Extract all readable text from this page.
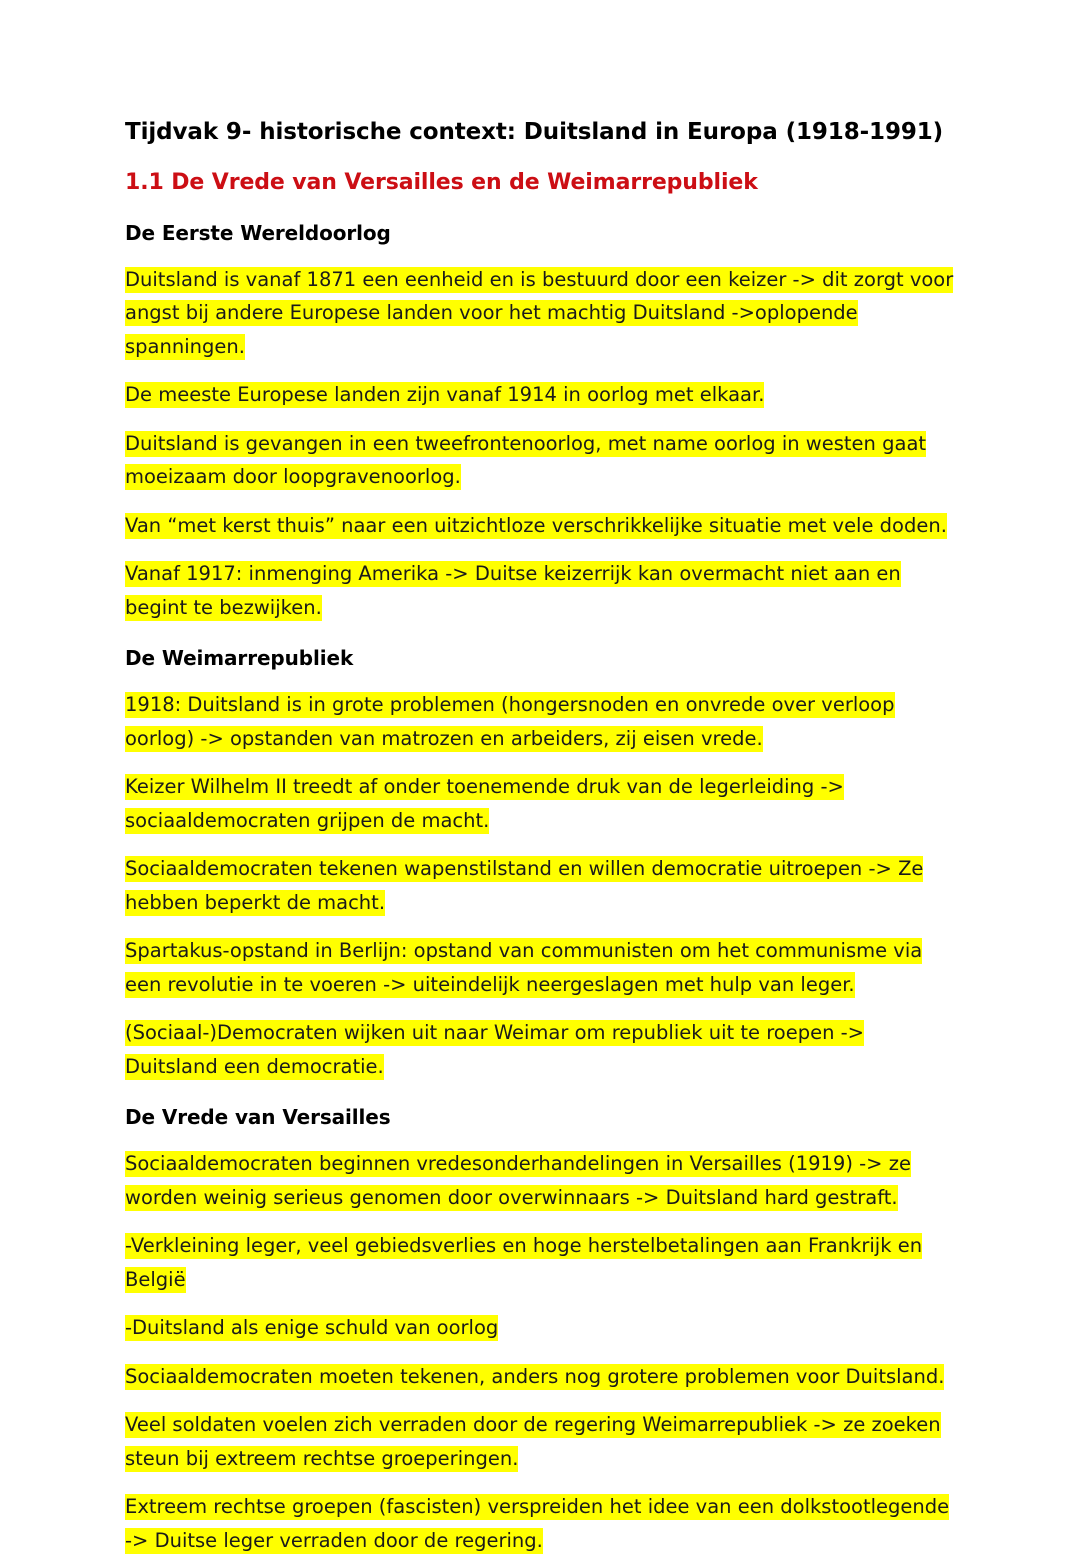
Tijdvak 9- historische context: Duitsland in Europa (1918-1991)
1.1 De Vrede van Versailles en de Weimarrepubliek
De Eerste Wereldoorlog

Duitsland is vanaf 1871 een eenheid en is bestuurd door een keizer -> dit zorgt voor angst bij andere Europese landen voor het machtig Duitsland ->oplopende spanningen.

De meeste Europese landen zijn vanaf 1914 in oorlog met elkaar.

Duitsland is gevangen in een tweefrontenoorlog, met name oorlog in westen gaat moeizaam door loopgravenoorlog.

Van “met kerst thuis” naar een uitzichtloze verschrikkelijke situatie met vele doden.

Vanaf 1917: inmenging Amerika -> Duitse keizerrijk kan overmacht niet aan en begint te bezwijken.

De Weimarrepubliek

1918: Duitsland is in grote problemen (hongersnoden en onvrede over verloop oorlog) -> opstanden van matrozen en arbeiders, zij eisen vrede.

Keizer Wilhelm II treedt af onder toenemende druk van de legerleiding -> sociaaldemocraten grijpen de macht.

Sociaaldemocraten tekenen wapenstilstand en willen democratie uitroepen -> Ze hebben beperkt de macht.

Spartakus-opstand in Berlijn: opstand van communisten om het communisme via een revolutie in te voeren -> uiteindelijk neergeslagen met hulp van leger.

(Sociaal-)Democraten wijken uit naar Weimar om republiek uit te roepen -> Duitsland een democratie.

De Vrede van Versailles

Sociaaldemocraten beginnen vredesonderhandelingen in Versailles (1919) -> ze worden weinig serieus genomen door overwinnaars -> Duitsland hard gestraft.

-Verkleining leger, veel gebiedsverlies en hoge herstelbetalingen aan Frankrijk en België

-Duitsland als enige schuld van oorlog

Sociaaldemocraten moeten tekenen, anders nog grotere problemen voor Duitsland.

Veel soldaten voelen zich verraden door de regering Weimarrepubliek -> ze zoeken steun bij extreem rechtse groeperingen.

Extreem rechtse groepen (fascisten) verspreiden het idee van een dolkstootlegende -> Duitse leger verraden door de regering.
